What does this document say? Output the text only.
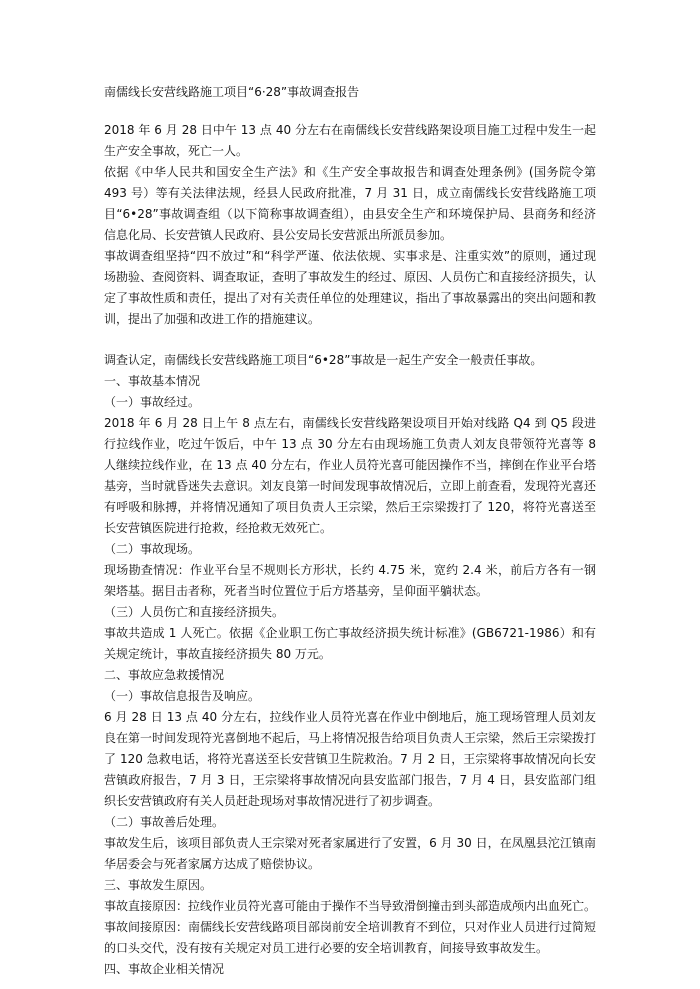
南儒线长安营线路施工项目“6·28”事故调查报告

2018 年 6 月 28 日中午 13 点 40 分左右在南儒线长安营线路架设项目施工过程中发生一起生产安全事故，死亡一人。

依据《中华人民共和国安全生产法》和《生产安全事故报告和调查处理条例》(国务院令第 493 号）等有关法律法规，经县人民政府批准，7 月 31 日，成立南儒线长安营线路施工项目“6•28”事故调查组（以下简称事故调查组），由县安全生产和环境保护局、县商务和经济信息化局、长安营镇人民政府、县公安局长安营派出所派员参加。

事故调查组坚持“四不放过”和“科学严谨、依法依规、实事求是、注重实效”的原则，通过现场勘验、查阅资料、调查取证，查明了事故发生的经过、原因、人员伤亡和直接经济损失，认定了事故性质和责任，提出了对有关责任单位的处理建议，指出了事故暴露出的突出问题和教训，提出了加强和改进工作的措施建议。

调查认定，南儒线长安营线路施工项目“6•28”事故是一起生产安全一般责任事故。

一、事故基本情况

（一）事故经过。

2018 年 6 月 28 日上午 8 点左右，南儒线长安营线路架设项目开始对线路 Q4 到 Q5 段进行拉线作业，吃过午饭后，中午 13 点 30 分左右由现场施工负责人刘友良带领符光喜等 8 人继续拉线作业，在 13 点 40 分左右，作业人员符光喜可能因操作不当，摔倒在作业平台塔基旁，当时就昏迷失去意识。刘友良第一时间发现事故情况后，立即上前查看，发现符光喜还有呼吸和脉搏，并将情况通知了项目负责人王宗梁，然后王宗梁拨打了 120，将符光喜送至长安营镇医院进行抢救，经抢救无效死亡。

（二）事故现场。

现场勘查情况：作业平台呈不规则长方形状，长约 4.75 米，宽约 2.4 米，前后方各有一钢架塔基。据目击者称，死者当时位置位于后方塔基旁，呈仰面平躺状态。

（三）人员伤亡和直接经济损失。

事故共造成 1 人死亡。依据《企业职工伤亡事故经济损失统计标准》(GB6721-1986）和有关规定统计，事故直接经济损失 80 万元。

二、事故应急救援情况

（一）事故信息报告及响应。

6 月 28 日 13 点 40 分左右，拉线作业人员符光喜在作业中倒地后，施工现场管理人员刘友良在第一时间发现符光喜倒地不起后，马上将情况报告给项目负责人王宗梁，然后王宗梁拨打了 120 急救电话，将符光喜送至长安营镇卫生院救治。7 月 2 日，王宗梁将事故情况向长安营镇政府报告，7 月 3 日，王宗梁将事故情况向县安监部门报告，7 月 4 日，县安监部门组织长安营镇政府有关人员赶赴现场对事故情况进行了初步调查。

（二）事故善后处理。

事故发生后，该项目部负责人王宗梁对死者家属进行了安置，6 月 30 日，在凤凰县沱江镇南华居委会与死者家属方达成了赔偿协议。

三、事故发生原因。

事故直接原因：拉线作业员符光喜可能由于操作不当导致滑倒撞击到头部造成颅内出血死亡。

事故间接原因：南儒线长安营线路项目部岗前安全培训教育不到位，只对作业人员进行过简短的口头交代，没有按有关规定对员工进行必要的安全培训教育，间接导致事故发生。

四、事故企业相关情况
